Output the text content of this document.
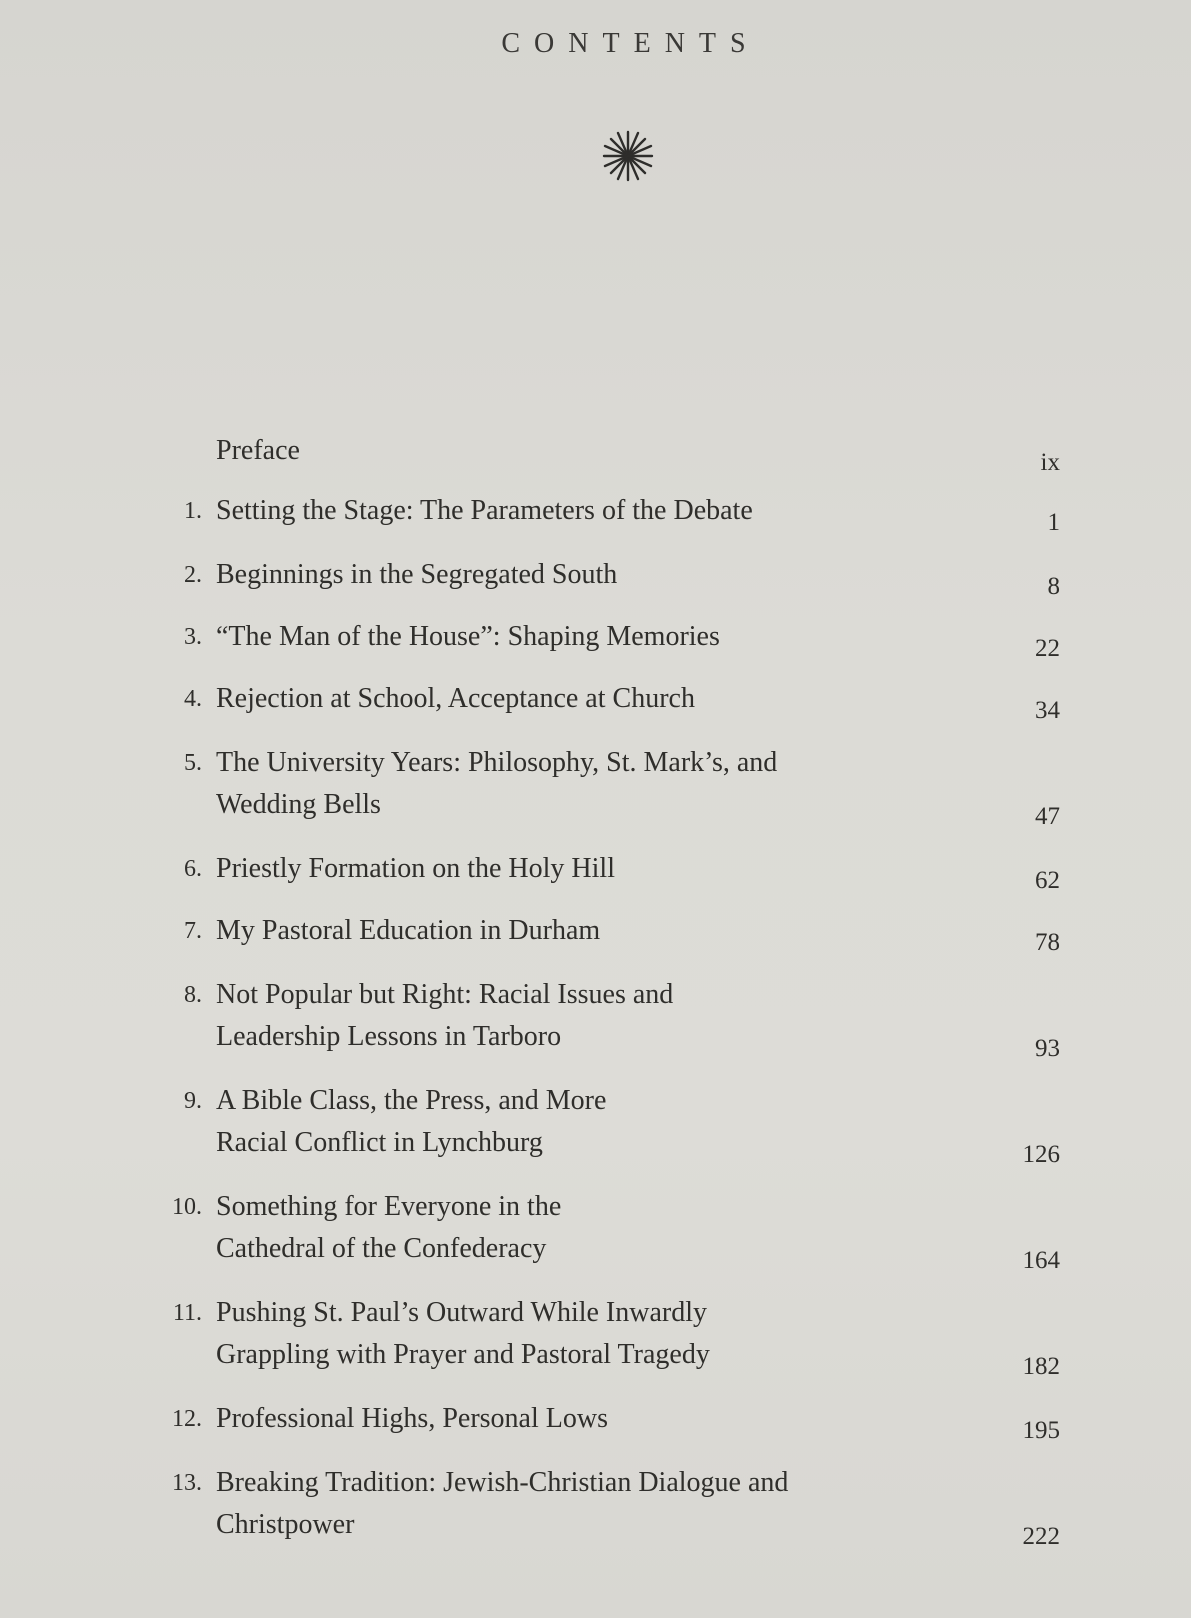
CONTENTS
Preface	ix
1. Setting the Stage: The Parameters of the Debate	1
2. Beginnings in the Segregated South	8
3. “The Man of the House”: Shaping Memories	22
4. Rejection at School, Acceptance at Church	34
5. The University Years: Philosophy, St. Mark’s, and
Wedding Bells	47
6. Priestly Formation on the Holy Hill	62
7. My Pastoral Education in Durham	78
8. Not Popular but Right: Racial Issues and
Leadership Lessons in Tarboro	93
9. A Bible Class, the Press, and More
Racial Conflict in Lynchburg	126
10. Something for Everyone in the
Cathedral of the Confederacy	164
11. Pushing St. Paul’s Outward While Inwardly
Grappling with Prayer and Pastoral Tragedy	182
12. Professional Highs, Personal Lows	195
13. Breaking Tradition: Jewish-Christian Dialogue and
Christpower	222
